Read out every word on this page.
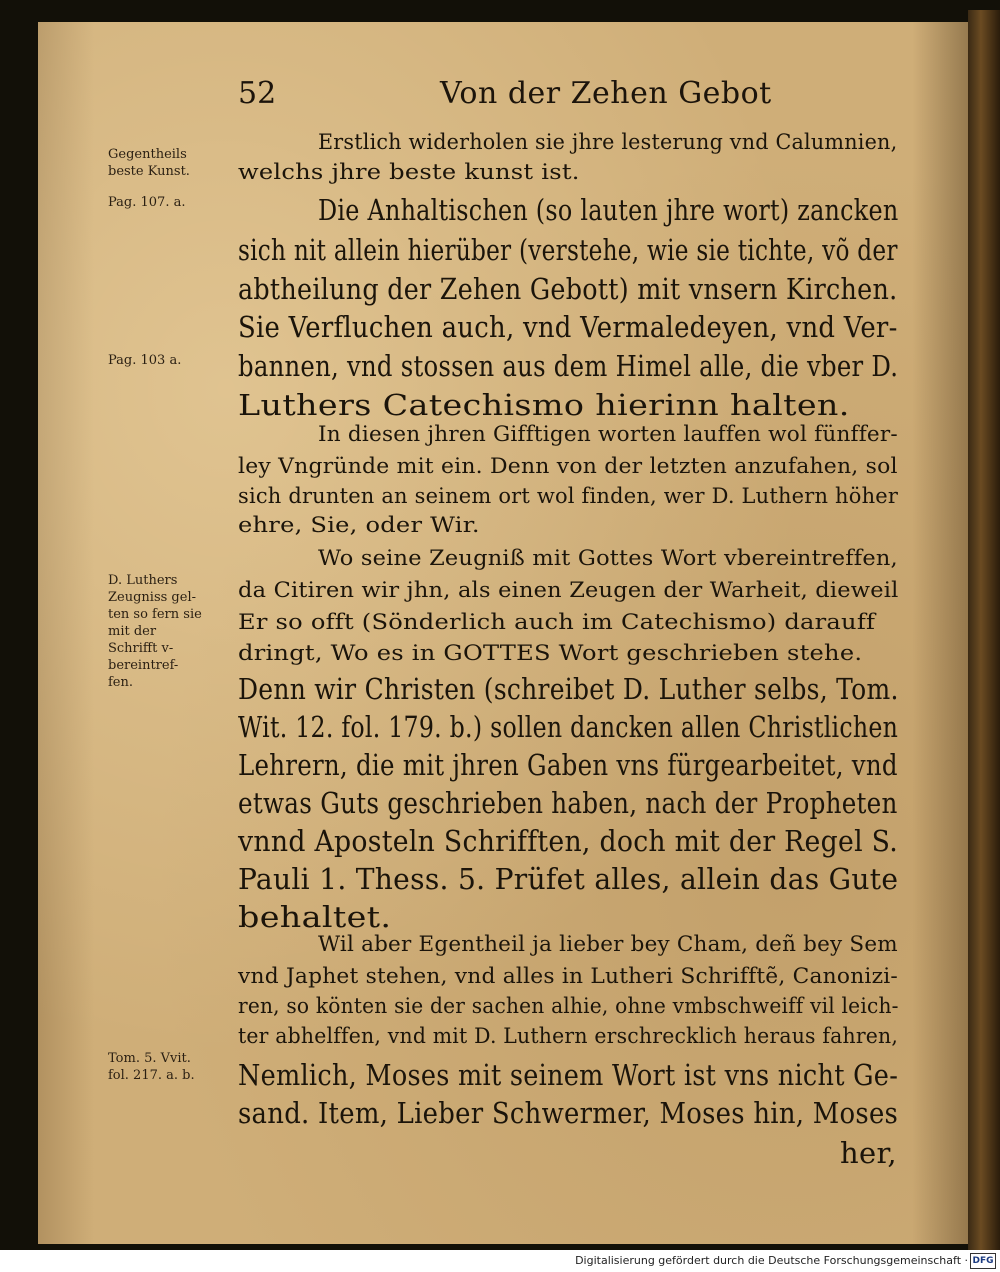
52	Von der Zehen Gebot
Erstlich widerholen sie jhre lesterung vnd Calumnien,
welchs jhre beste kunst ist.
Die Anhaltischen (so lauten jhre wort) zancken
sich nit allein hierüber (verstehe, wie sie tichte, võ der
abtheilung der Zehen Gebott) mit vnsern Kirchen.
Sie Verfluchen auch, vnd Vermaledeyen, vnd Ver-
bannen, vnd stossen aus dem Himel alle, die vber D.
Luthers Catechismo hierinn halten.
In diesen jhren Gifftigen worten lauffen wol fünffer-
ley Vngründe mit ein. Denn von der letzten anzufahen, sol
sich drunten an seinem ort wol finden, wer D. Luthern höher
ehre, Sie, oder Wir.
Wo seine Zeugniß mit Gottes Wort vbereintreffen,
da Citiren wir jhn, als einen Zeugen der Warheit, dieweil
Er so offt (Sönderlich auch im Catechismo) darauff
dringt, Wo es in GOTTES Wort geschrieben stehe.
Denn wir Christen (schreibet D. Luther selbs, Tom.
Wit. 12. fol. 179. b.) sollen dancken allen Christlichen
Lehrern, die mit jhren Gaben vns fürgearbeitet, vnd
etwas Guts geschrieben haben, nach der Propheten
vnnd Aposteln Schrifften, doch mit der Regel S.
Pauli 1. Thess. 5. Prüfet alles, allein das Gute
behaltet.
Wil aber Egentheil ja lieber bey Cham, deñ bey Sem
vnd Japhet stehen, vnd alles in Lutheri Schrifftẽ, Canonizi-
ren, so könten sie der sachen alhie, ohne vmbschweiff vil leich-
ter abhelffen, vnd mit D. Luthern erschrecklich heraus fahren,
Nemlich, Moses mit seinem Wort ist vns nicht Ge-
sand. Item, Lieber Schwermer, Moses hin, Moses
her,
Gegentheils
beste Kunst.
Pag. 107. a.
Pag. 103 a.
D. Luthers
Zeugniss gel-
ten so fern sie
mit der
Schrifft v-
bereintref-
fen.
Tom. 5. Vvit.
fol. 217. a. b.
Digitalisierung gefördert durch die Deutsche Forschungsgemeinschaft · DFG
